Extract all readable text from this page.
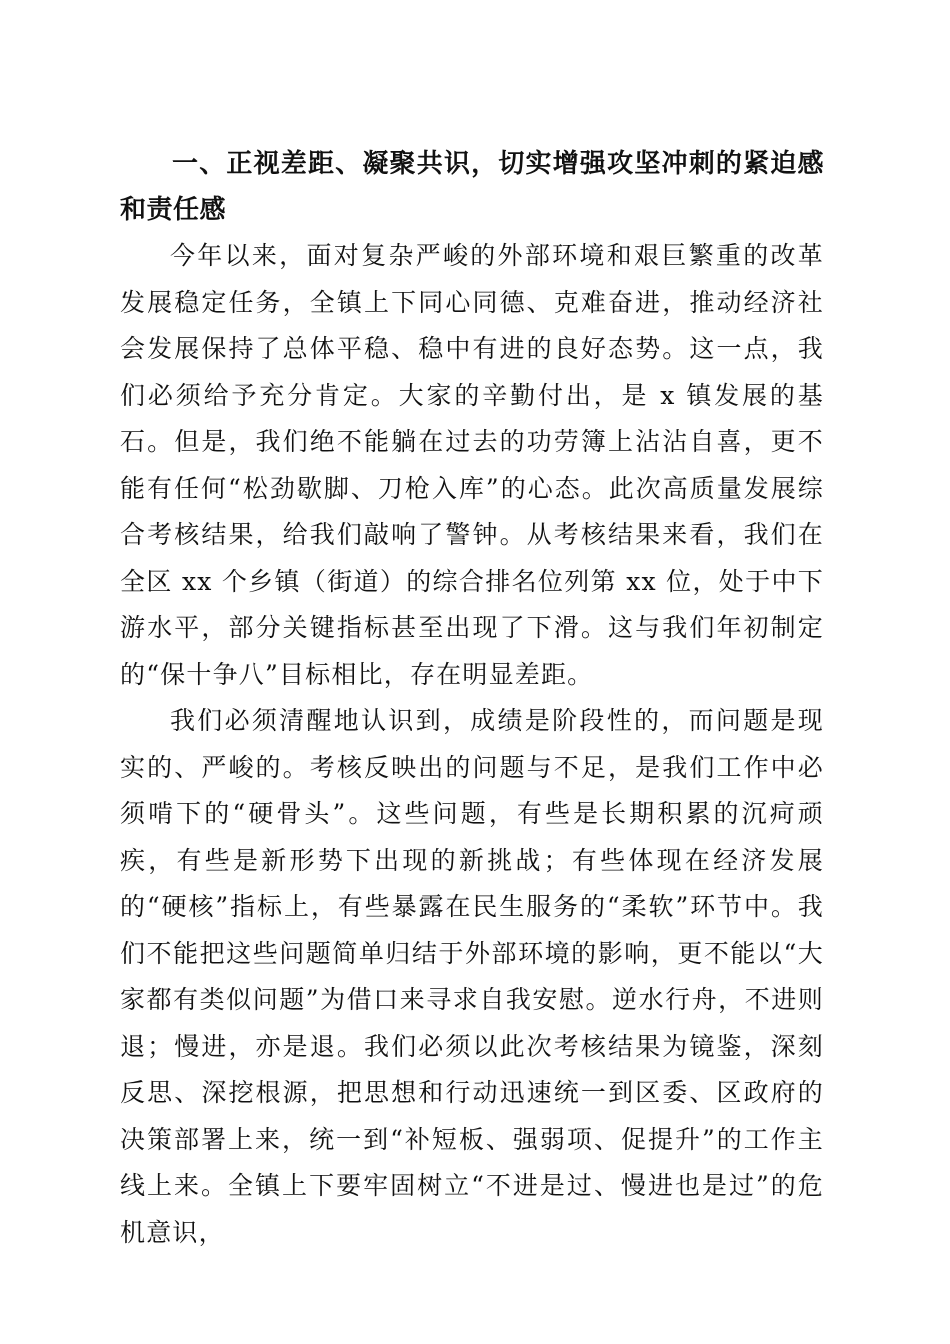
一、正视差距、凝聚共识，切实增强攻坚冲刺的紧迫感和责任感

今年以来，面对复杂严峻的外部环境和艰巨繁重的改革发展稳定任务，全镇上下同心同德、克难奋进，推动经济社会发展保持了总体平稳、稳中有进的良好态势。这一点，我们必须给予充分肯定。大家的辛勤付出，是 x 镇发展的基石。但是，我们绝不能躺在过去的功劳簿上沾沾自喜，更不能有任何“松劲歇脚、刀枪入库”的心态。此次高质量发展综合考核结果，给我们敲响了警钟。从考核结果来看，我们在全区 xx 个乡镇（街道）的综合排名位列第 xx 位，处于中下游水平，部分关键指标甚至出现了下滑。这与我们年初制定的“保十争八”目标相比，存在明显差距。

我们必须清醒地认识到，成绩是阶段性的，而问题是现实的、严峻的。考核反映出的问题与不足，是我们工作中必须啃下的“硬骨头”。这些问题，有些是长期积累的沉疴顽疾，有些是新形势下出现的新挑战；有些体现在经济发展的“硬核”指标上，有些暴露在民生服务的“柔软”环节中。我们不能把这些问题简单归结于外部环境的影响，更不能以“大家都有类似问题”为借口来寻求自我安慰。逆水行舟，不进则退；慢进，亦是退。我们必须以此次考核结果为镜鉴，深刻反思、深挖根源，把思想和行动迅速统一到区委、区政府的决策部署上来，统一到“补短板、强弱项、促提升”的工作主线上来。全镇上下要牢固树立“不进是过、慢进也是过”的危机意识，
